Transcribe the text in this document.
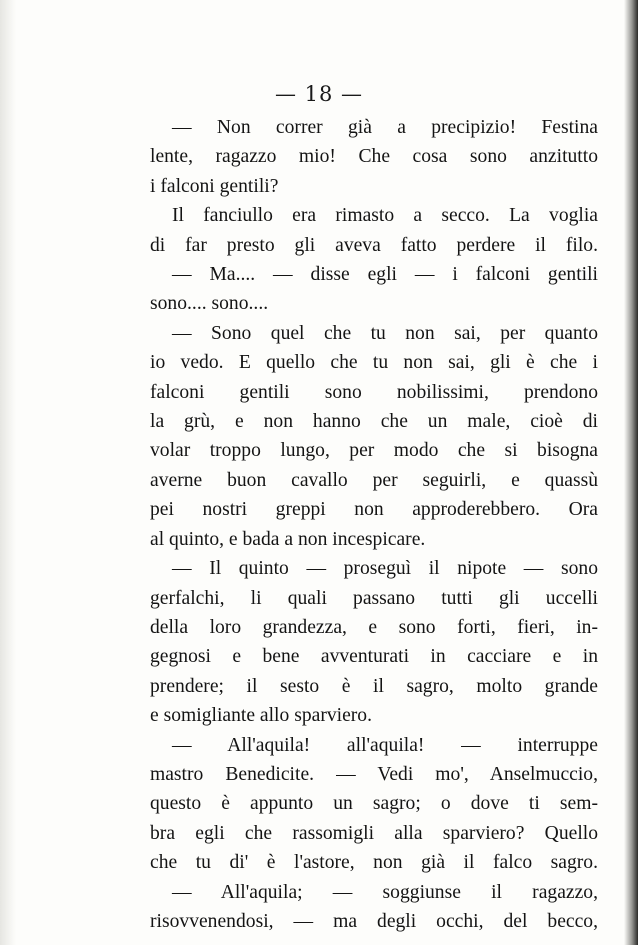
— 18 —
— Non correr già a precipizio! Festina
lente, ragazzo mio! Che cosa sono anzitutto
i falconi gentili?
Il fanciullo era rimasto a secco. La voglia
di far presto gli aveva fatto perdere il filo.
— Ma.... — disse egli — i falconi gentili
sono.... sono....
— Sono quel che tu non sai, per quanto
io vedo. E quello che tu non sai, gli è che i
falconi gentili sono nobilissimi, prendono
la grù, e non hanno che un male, cioè di
volar troppo lungo, per modo che si bisogna
averne buon cavallo per seguirli, e quassù
pei nostri greppi non approderebbero. Ora
al quinto, e bada a non incespicare.
— Il quinto — proseguì il nipote — sono
gerfalchi, li quali passano tutti gli uccelli
della loro grandezza, e sono forti, fieri, in-
gegnosi e bene avventurati in cacciare e in
prendere; il sesto è il sagro, molto grande
e somigliante allo sparviero.
— All'aquila! all'aquila! — interruppe
mastro Benedicite. — Vedi mo', Anselmuccio,
questo è appunto un sagro; o dove ti sem-
bra egli che rassomigli alla sparviero? Quello
che tu di' è l'astore, non già il falco sagro.
— All'aquila; — soggiunse il ragazzo,
risovvenendosi, — ma degli occhi, del becco,
